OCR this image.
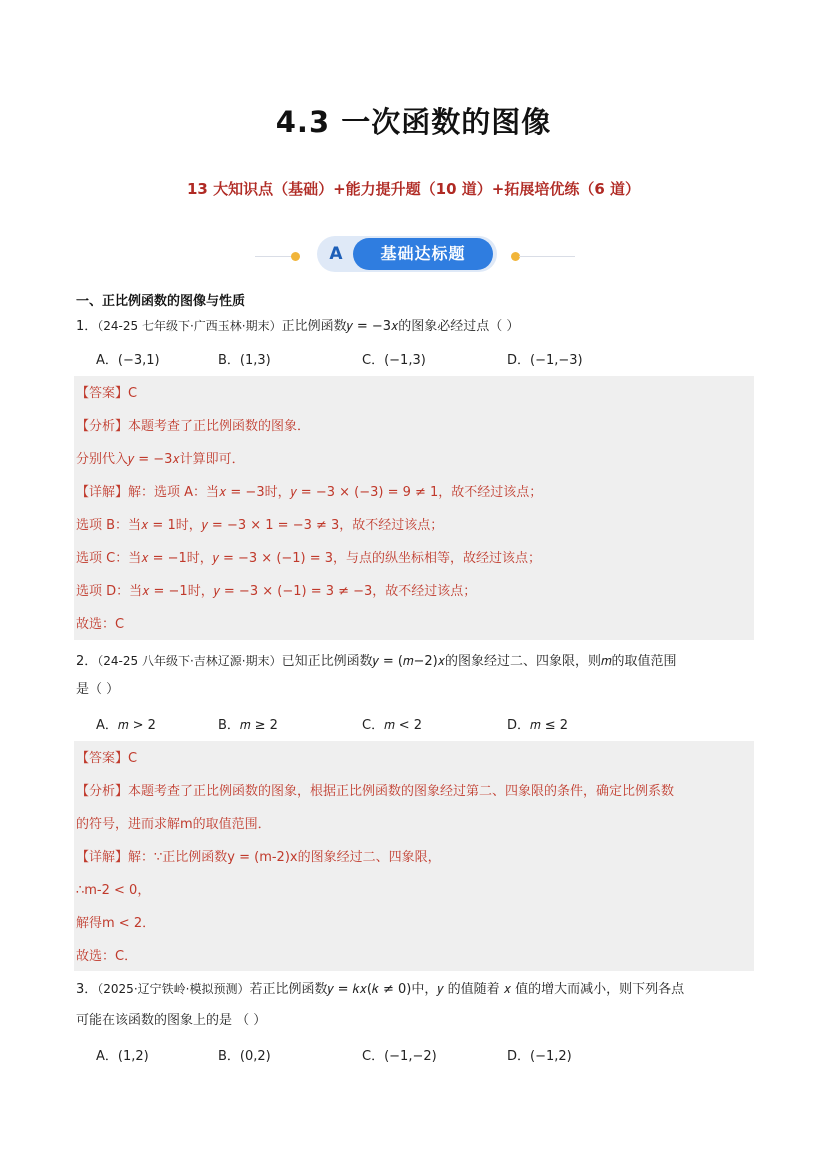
4.3 一次函数的图像
13 大知识点（基础）+能力提升题（10 道）+拓展培优练（6 道）
A	基础达标题
一、正比例函数的图像与性质
1．（24-25 七年级下·广西玉林·期末）正比例函数𝑦 = −3𝑥的图象必经过点（ ）
A．(−3,1)	B．(1,3)	C．(−1,3)	D．(−1,−3)
【答案】C
【分析】本题考查了正比例函数的图象．
分别代入𝑦 = −3𝑥计算即可．
【详解】解：选项 A：当𝑥 = −3时，𝑦 = −3 × (−3) = 9 ≠ 1，故不经过该点；
选项 B：当𝑥 = 1时，𝑦 = −3 × 1 = −3 ≠ 3，故不经过该点；
选项 C：当𝑥 = −1时，𝑦 = −3 × (−1) = 3，与点的纵坐标相等，故经过该点；
选项 D：当𝑥 = −1时，𝑦 = −3 × (−1) = 3 ≠ −3，故不经过该点；
故选：C
2．（24-25 八年级下·吉林辽源·期末）已知正比例函数𝑦 = (𝑚−2)𝑥的图象经过二、四象限，则𝑚的取值范围
是（ ）
A．𝑚 > 2	B．𝑚 ≥ 2	C．𝑚 < 2	D．𝑚 ≤ 2
【答案】C
【分析】本题考查了正比例函数的图象，根据正比例函数的图象经过第二、四象限的条件，确定比例系数
的符号，进而求解m的取值范围．
【详解】解：∵正比例函数y = (m-2)x的图象经过二、四象限，
∴m-2 < 0，
解得m < 2．
故选：C．
3．（2025·辽宁铁岭·模拟预测）若正比例函数𝑦 = 𝑘𝑥(𝑘 ≠ 0)中，𝑦 的值随着 𝑥 值的增大而减小，则下列各点
可能在该函数的图象上的是 （ ）
A．(1,2)	B．(0,2)	C．(−1,−2)	D．(−1,2)
